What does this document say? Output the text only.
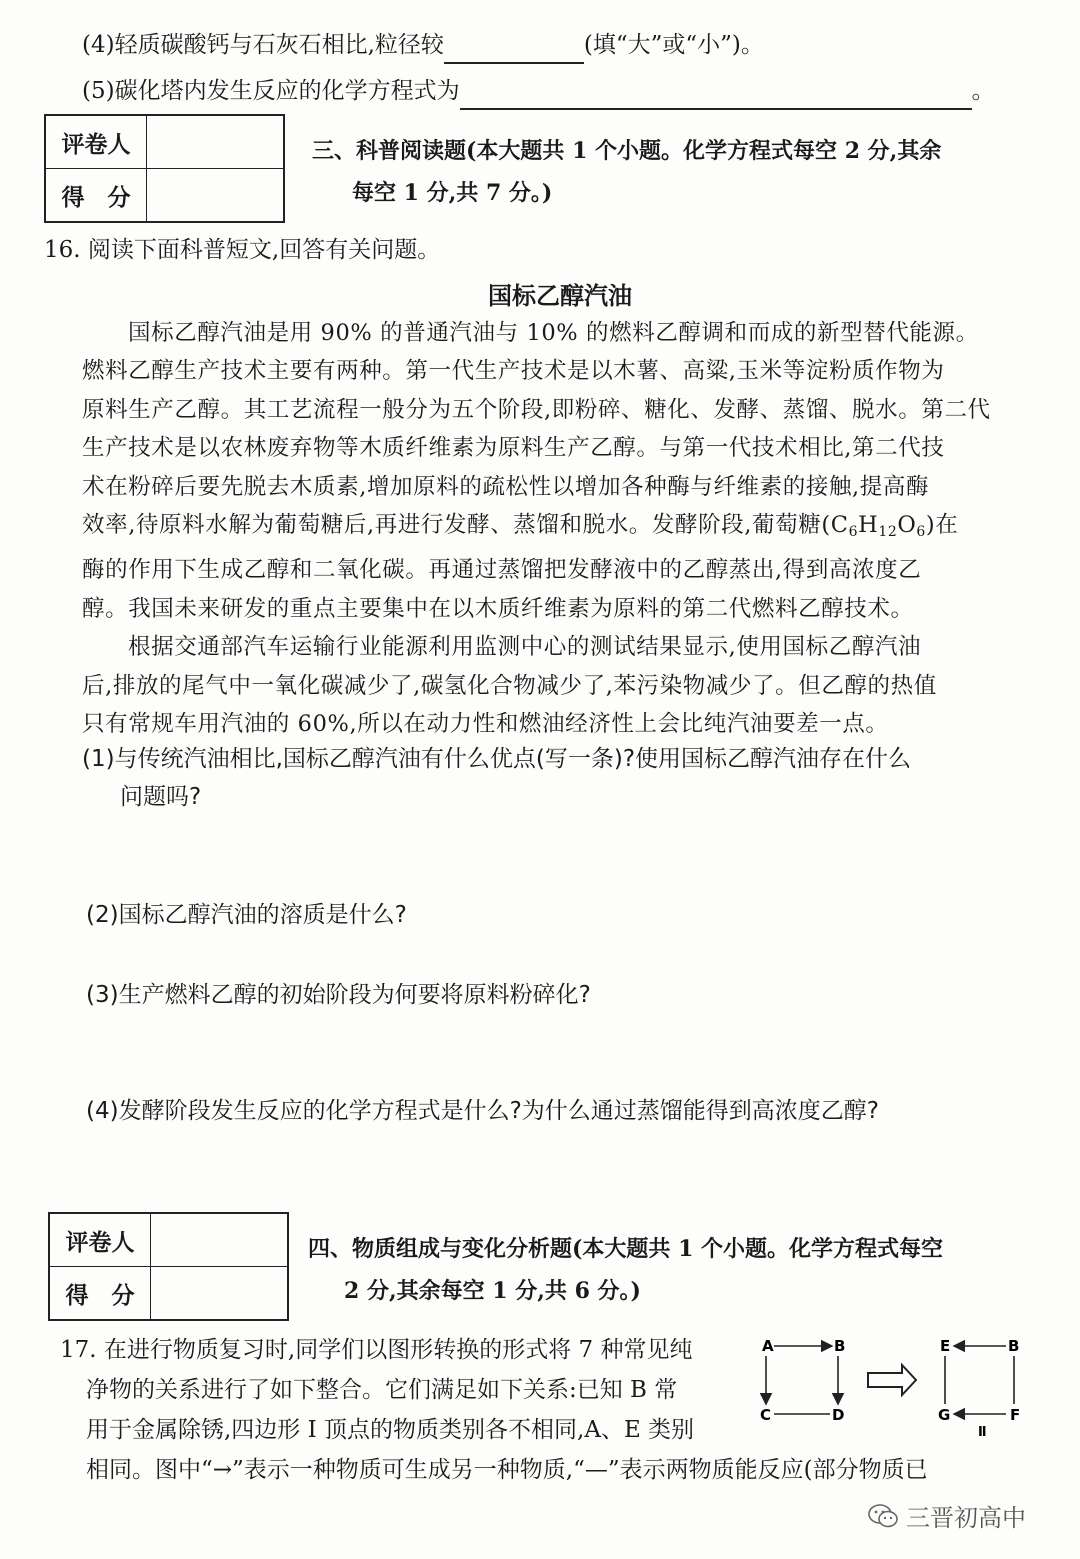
(4)轻质碳酸钙与石灰石相比,粒径较	(填“大”或“小”)。
(5)碳化塔内发生反应的化学方程式为	。
评卷人	
得　分	
三、科普阅读题(本大题共 1 个小题。化学方程式每空 2 分,其余
每空 1 分,共 7 分。)
16. 阅读下面科普短文,回答有关问题。
国标乙醇汽油
国标乙醇汽油是用 90% 的普通汽油与 10% 的燃料乙醇调和而成的新型替代能源。
燃料乙醇生产技术主要有两种。第一代生产技术是以木薯、高粱,玉米等淀粉质作物为
原料生产乙醇。其工艺流程一般分为五个阶段,即粉碎、糖化、发酵、蒸馏、脱水。第二代
生产技术是以农林废弃物等木质纤维素为原料生产乙醇。与第一代技术相比,第二代技
术在粉碎后要先脱去木质素,增加原料的疏松性以增加各种酶与纤维素的接触,提高酶
效率,待原料水解为葡萄糖后,再进行发酵、蒸馏和脱水。发酵阶段,葡萄糖$(C_6H_{12}O_6)$在
酶的作用下生成乙醇和二氧化碳。再通过蒸馏把发酵液中的乙醇蒸出,得到高浓度乙
醇。我国未来研发的重点主要集中在以木质纤维素为原料的第二代燃料乙醇技术。
根据交通部汽车运输行业能源利用监测中心的测试结果显示,使用国标乙醇汽油
后,排放的尾气中一氧化碳减少了,碳氢化合物减少了,苯污染物减少了。但乙醇的热值
只有常规车用汽油的 60%,所以在动力性和燃油经济性上会比纯汽油要差一点。
(1)与传统汽油相比,国标乙醇汽油有什么优点(写一条)?使用国标乙醇汽油存在什么
问题吗?
(2)国标乙醇汽油的溶质是什么?
(3)生产燃料乙醇的初始阶段为何要将原料粉碎化?
(4)发酵阶段发生反应的化学方程式是什么?为什么通过蒸馏能得到高浓度乙醇?
评卷人	
得　分	
四、物质组成与变化分析题(本大题共 1 个小题。化学方程式每空
2 分,其余每空 1 分,共 6 分。)
17. 在进行物质复习时,同学们以图形转换的形式将 7 种常见纯
净物的关系进行了如下整合。它们满足如下关系:已知 B 常
用于金属除锈,四边形 I 顶点的物质类别各不相同,A、E 类别
相同。图中“→”表示一种物质可生成另一种物质,“—”表示两物质能反应(部分物质已
A	B
C	D
E	B
G	F
Ⅱ
三晋初高中
